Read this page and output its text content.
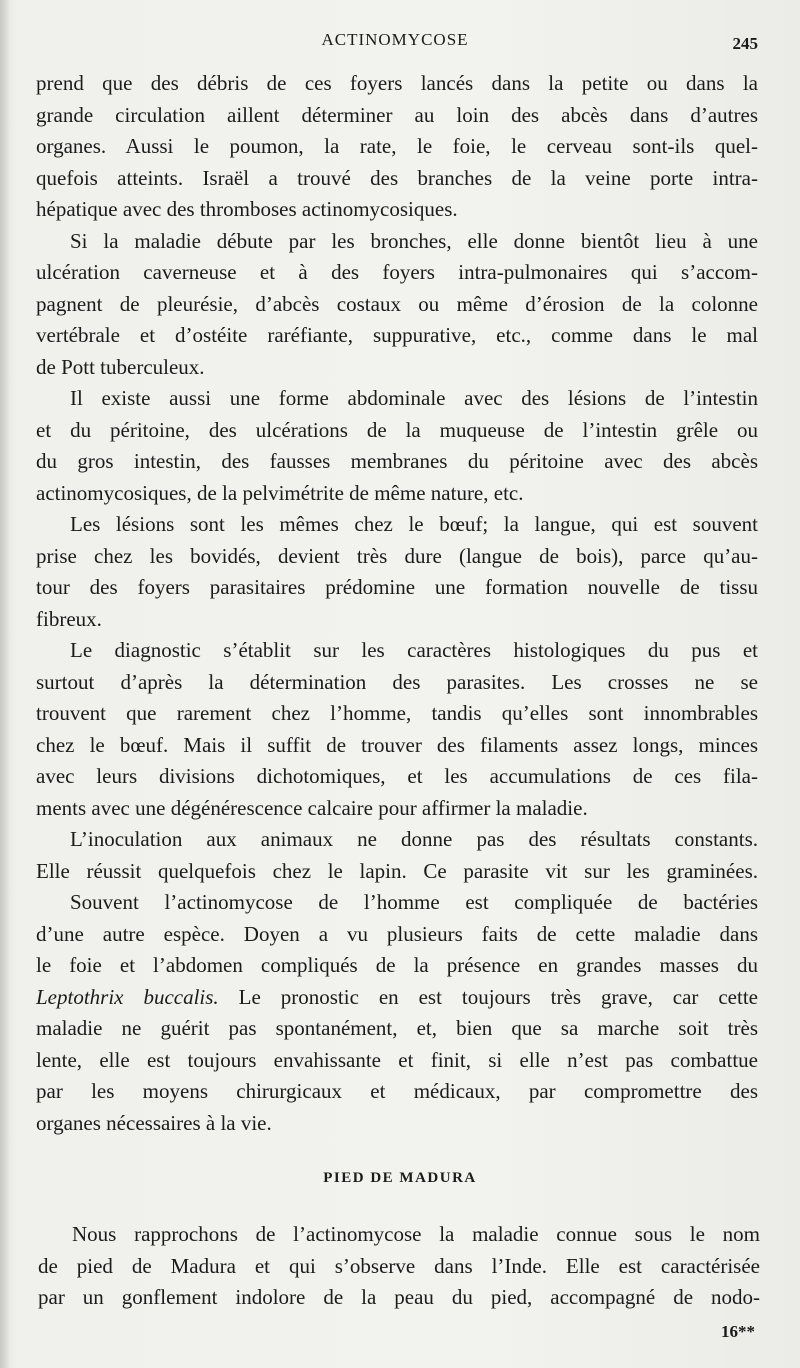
ACTINOMYCOSE	245
prend que des débris de ces foyers lancés dans la petite ou dans la
grande circulation aillent déterminer au loin des abcès dans d’autres
organes. Aussi le poumon, la rate, le foie, le cerveau sont-ils quel-
quefois atteints. Israël a trouvé des branches de la veine porte intra-
hépatique avec des thromboses actinomycosiques.
Si la maladie débute par les bronches, elle donne bientôt lieu à une
ulcération caverneuse et à des foyers intra-pulmonaires qui s’accom-
pagnent de pleurésie, d’abcès costaux ou même d’érosion de la colonne
vertébrale et d’ostéite raréfiante, suppurative, etc., comme dans le mal
de Pott tuberculeux.
Il existe aussi une forme abdominale avec des lésions de l’intestin
et du péritoine, des ulcérations de la muqueuse de l’intestin grêle ou
du gros intestin, des fausses membranes du péritoine avec des abcès
actinomycosiques, de la pelvimétrite de même nature, etc.
Les lésions sont les mêmes chez le bœuf; la langue, qui est souvent
prise chez les bovidés, devient très dure (langue de bois), parce qu’au-
tour des foyers parasitaires prédomine une formation nouvelle de tissu
fibreux.
Le diagnostic s’établit sur les caractères histologiques du pus et
surtout d’après la détermination des parasites. Les crosses ne se
trouvent que rarement chez l’homme, tandis qu’elles sont innombrables
chez le bœuf. Mais il suffit de trouver des filaments assez longs, minces
avec leurs divisions dichotomiques, et les accumulations de ces fila-
ments avec une dégénérescence calcaire pour affirmer la maladie.
L’inoculation aux animaux ne donne pas des résultats constants.
Elle réussit quelquefois chez le lapin. Ce parasite vit sur les graminées.
Souvent l’actinomycose de l’homme est compliquée de bactéries
d’une autre espèce. Doyen a vu plusieurs faits de cette maladie dans
le foie et l’abdomen compliqués de la présence en grandes masses du
Leptothrix buccalis. Le pronostic en est toujours très grave, car cette
maladie ne guérit pas spontanément, et, bien que sa marche soit très
lente, elle est toujours envahissante et finit, si elle n’est pas combattue
par les moyens chirurgicaux et médicaux, par compromettre des
organes nécessaires à la vie.
PIED DE MADURA
Nous rapprochons de l’actinomycose la maladie connue sous le nom
de pied de Madura et qui s’observe dans l’Inde. Elle est caractérisée
par un gonflement indolore de la peau du pied, accompagné de nodo-
16**
